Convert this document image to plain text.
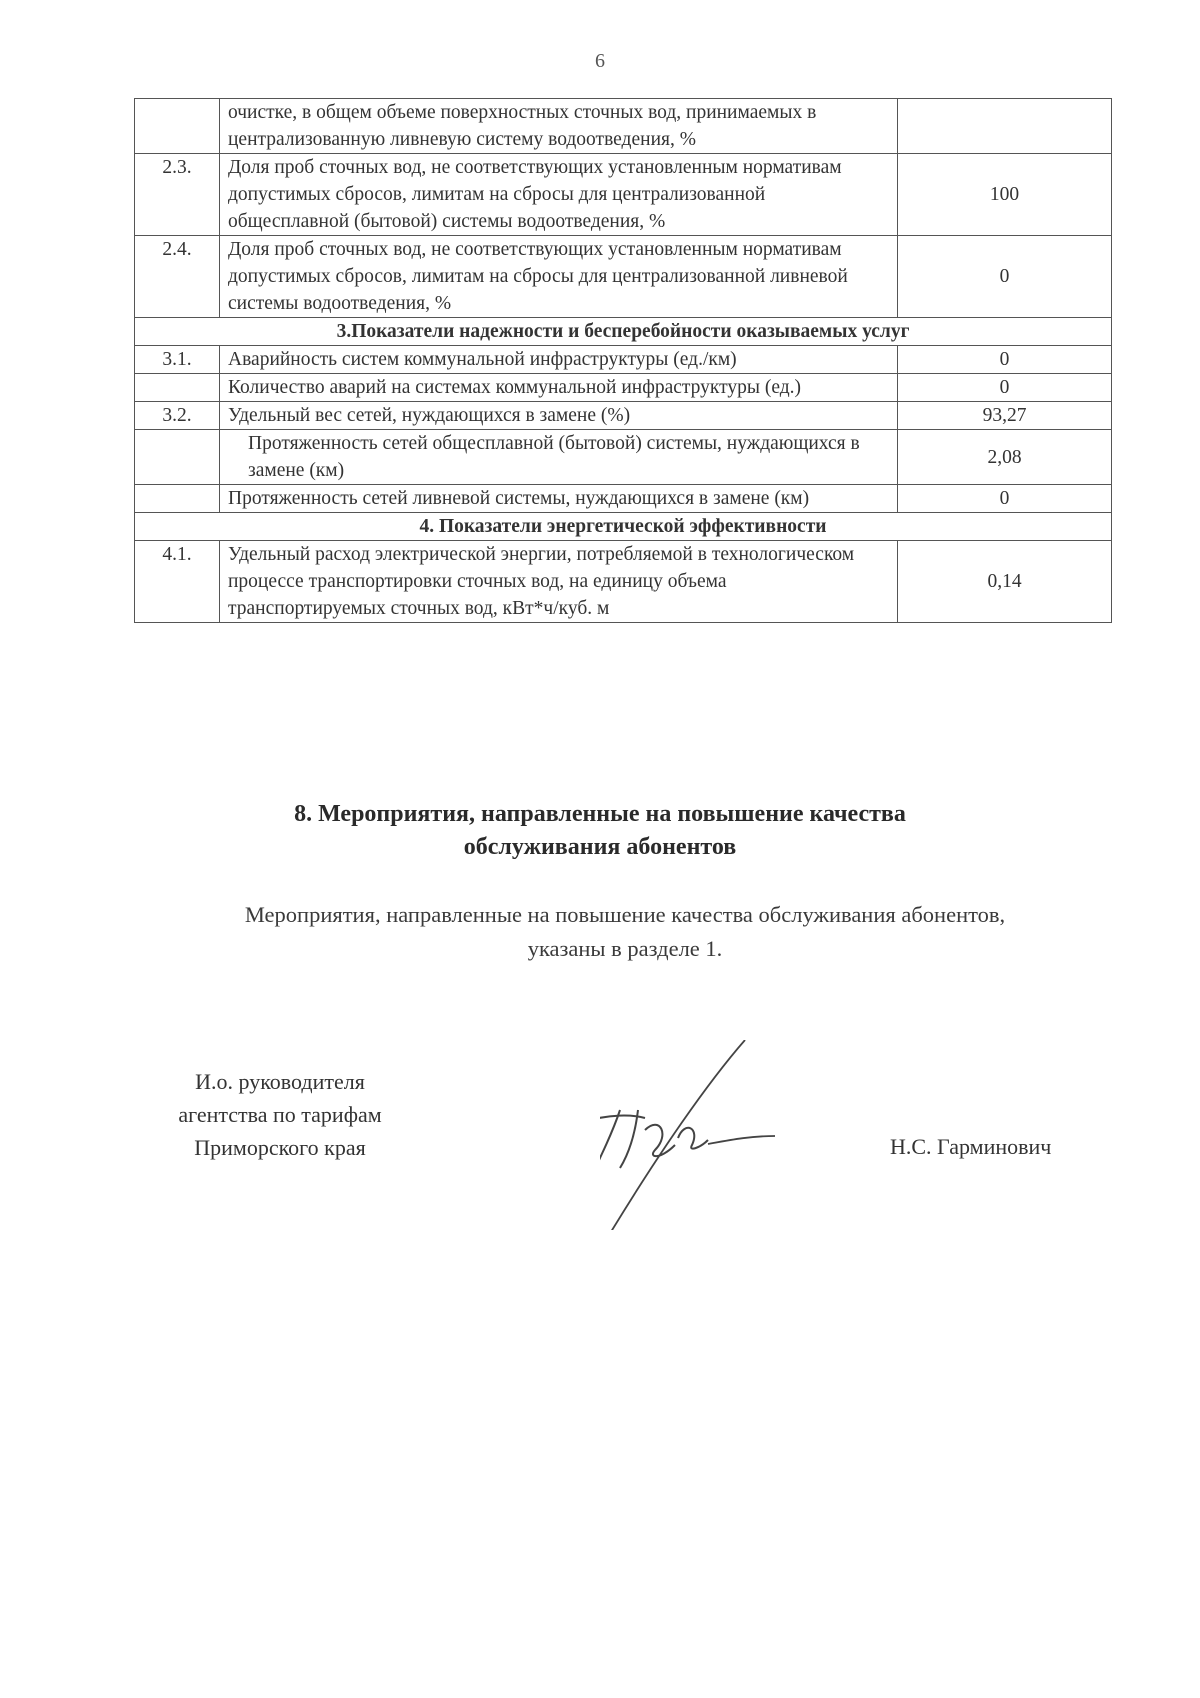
6
	очистке, в общем объеме поверхностных сточных вод, принимаемых в централизованную ливневую систему водоотведения, %	
2.3.	Доля проб сточных вод, не соответствующих установленным нормативам допустимых сбросов, лимитам на сбросы для централизованной общесплавной (бытовой) системы водоотведения, %	100
2.4.	Доля проб сточных вод, не соответствующих установленным нормативам допустимых сбросов, лимитам на сбросы для централизованной ливневой системы водоотведения, %	0
3.Показатели надежности и бесперебойности оказываемых услуг		
3.1.	Аварийность систем коммунальной инфраструктуры (ед./км)	0
	Количество аварий на системах коммунальной инфраструктуры (ед.)	0
3.2.	Удельный вес сетей, нуждающихся в замене (%)	93,27
	Протяженность сетей общесплавной (бытовой) системы, нуждающихся в замене (км)	2,08
	Протяженность сетей ливневой системы, нуждающихся в замене (км)	0
4. Показатели энергетической эффективности		
4.1.	Удельный расход электрической энергии, потребляемой в технологическом процессе транспортировки сточных вод, на единицу объема транспортируемых сточных вод, кВт*ч/куб. м	0,14
8. Мероприятия, направленные на повышение качества
обслуживания абонентов
Мероприятия, направленные на повышение качества обслуживания абонентов,
указаны в разделе 1.
И.о. руководителя
агентства по тарифам
Приморского края	Н.С. Гарминович
